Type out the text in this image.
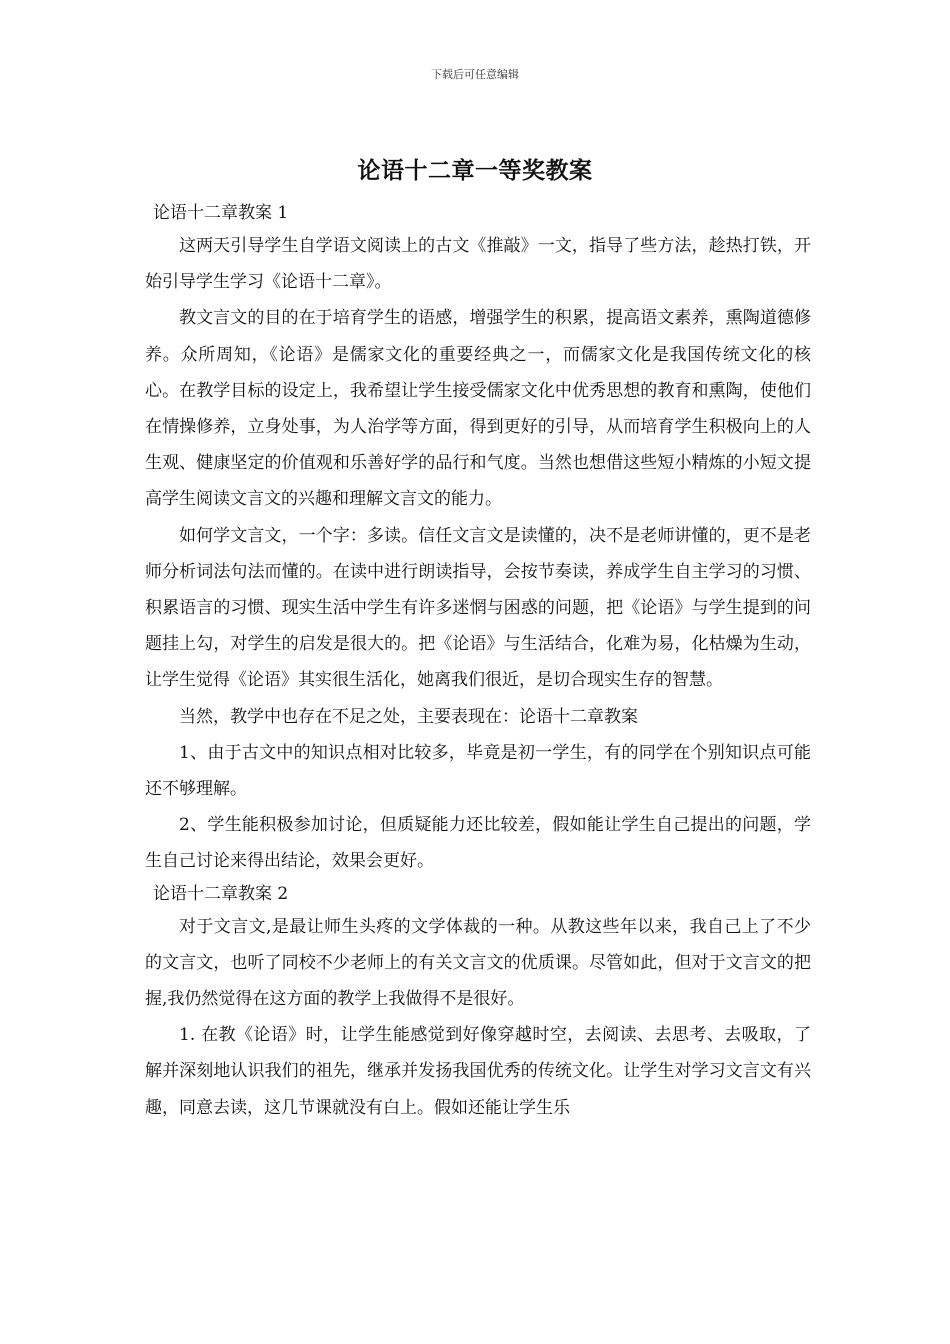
下载后可任意编辑
论语十二章一等奖教案

论语十二章教案 1

这两天引导学生自学语文阅读上的古文《推敲》一文，指导了些方法，趁热打铁，开始引导学生学习《论语十二章》。

教文言文的目的在于培育学生的语感，增强学生的积累，提高语文素养，熏陶道德修养。众所周知，《论语》是儒家文化的重要经典之一，而儒家文化是我国传统文化的核心。在教学目标的设定上，我希望让学生接受儒家文化中优秀思想的教育和熏陶，使他们在情操修养，立身处事，为人治学等方面，得到更好的引导，从而培育学生积极向上的人生观、健康坚定的价值观和乐善好学的品行和气度。当然也想借这些短小精炼的小短文提高学生阅读文言文的兴趣和理解文言文的能力。

如何学文言文，一个字：多读。信任文言文是读懂的，决不是老师讲懂的，更不是老师分析词法句法而懂的。在读中进行朗读指导，会按节奏读，养成学生自主学习的习惯、积累语言的习惯、现实生活中学生有许多迷惘与困惑的问题，把《论语》与学生提到的问题挂上勾，对学生的启发是很大的。把《论语》与生活结合，化难为易，化枯燥为生动，让学生觉得《论语》其实很生活化，她离我们很近，是切合现实生存的智慧。

当然，教学中也存在不足之处，主要表现在：论语十二章教案

1、由于古文中的知识点相对比较多，毕竟是初一学生，有的同学在个别知识点可能还不够理解。

2、学生能积极参加讨论，但质疑能力还比较差，假如能让学生自己提出的问题，学生自己讨论来得出结论，效果会更好。

论语十二章教案 2

对于文言文,是最让师生头疼的文学体裁的一种。从教这些年以来，我自己上了不少的文言文，也听了同校不少老师上的有关文言文的优质课。尽管如此，但对于文言文的把握,我仍然觉得在这方面的教学上我做得不是很好。

1. 在教《论语》时，让学生能感觉到好像穿越时空，去阅读、去思考、去吸取，了解并深刻地认识我们的祖先，继承并发扬我国优秀的传统文化。让学生对学习文言文有兴趣，同意去读，这几节课就没有白上。假如还能让学生乐
